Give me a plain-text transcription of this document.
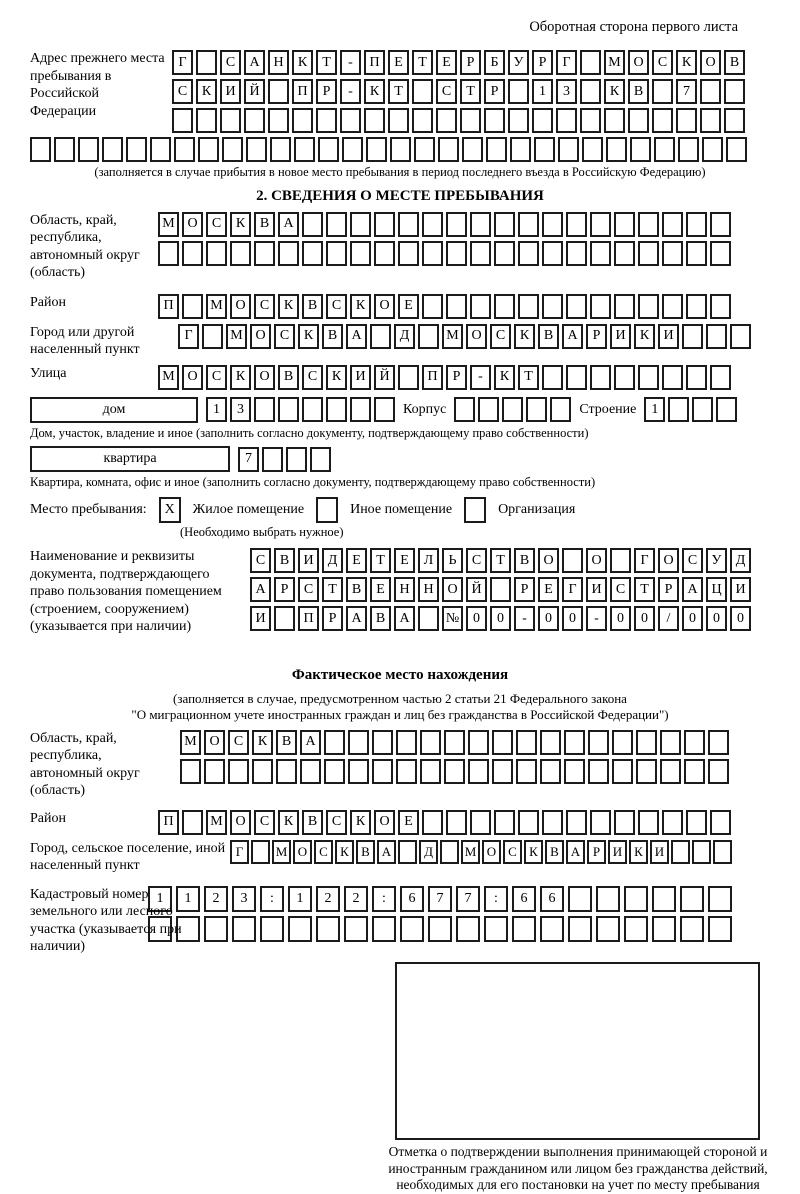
Оборотная сторона первого листа
Адрес прежнего места пребывания в Российской Федерации
Г	С	А Н	К	Т	-	П	Е	Т	Е	Р	Б	У	Р	Г	М О	С	К	О	В
С	К	И Й	П	Р	-	К	Т	С	Т	Р	1	3	К	В	7
(заполняется в случае прибытия в новое место пребывания в период последнего въезда в Российскую Федерацию)
2. СВЕДЕНИЯ О МЕСТЕ ПРЕБЫВАНИЯ
Область, край, республика, автономный округ (область)
М О	С	К	В	А
Район	П	М О	С	К	В	С	К	О	Е
Город или другой населенный пункт
Г	М О	С	К	В	А	Д	М О	С	К	В	А	Р	И	К	И
Улица	М О	С	К	О	В	С	К	И Й	П	Р	-	К	Т
дом	1	3	Корпус	Строение	1
Дом, участок, владение и иное (заполнить согласно документу, подтверждающему право собственности)
квартира	7
Квартира, комната, офис и иное (заполнить согласно документу, подтверждающему право собственности)
Место пребывания:	X	Жилое помещение	Иное помещение	Организация
(Необходимо выбрать нужное)
Наименование и реквизиты документа, подтверждающего право пользования помещением (строением, сооружением) (указывается при наличии)
С	В	И	Д	Е	Т	Е	Л	Ь	С	Т	В	О	О	Г	О	С	У	Д
А	Р	С	Т	В	Е	Н Н О Й	Р	Е	Г	И	С	Т	Р	А Ц И
И	П	Р	А	В	А	№ 0	0	-	0	0	-	0	0	/	0	0	0
Фактическое место нахождения
(заполняется в случае, предусмотренном частью 2 статьи 21 Федерального закона
"О миграционном учете иностранных граждан и лиц без гражданства в Российской Федерации")
Область, край, республика, автономный округ (область)
М О	С	К	В	А
Район	П	М О	С	К	В	С	К	О	Е
Город, сельское поселение, иной населенный пункт
Г	М О С К В А	Д	М О С К В А Р И К И
Кадастровый номер земельного или лесного участка (указывается при наличии)
1	1	2	3	:	1	2	2	:	6	7	7	:	6	6
Отметка о подтверждении выполнения принимающей стороной и иностранным гражданином или лицом без гражданства действий, необходимых для его постановки на учет по месту пребывания
